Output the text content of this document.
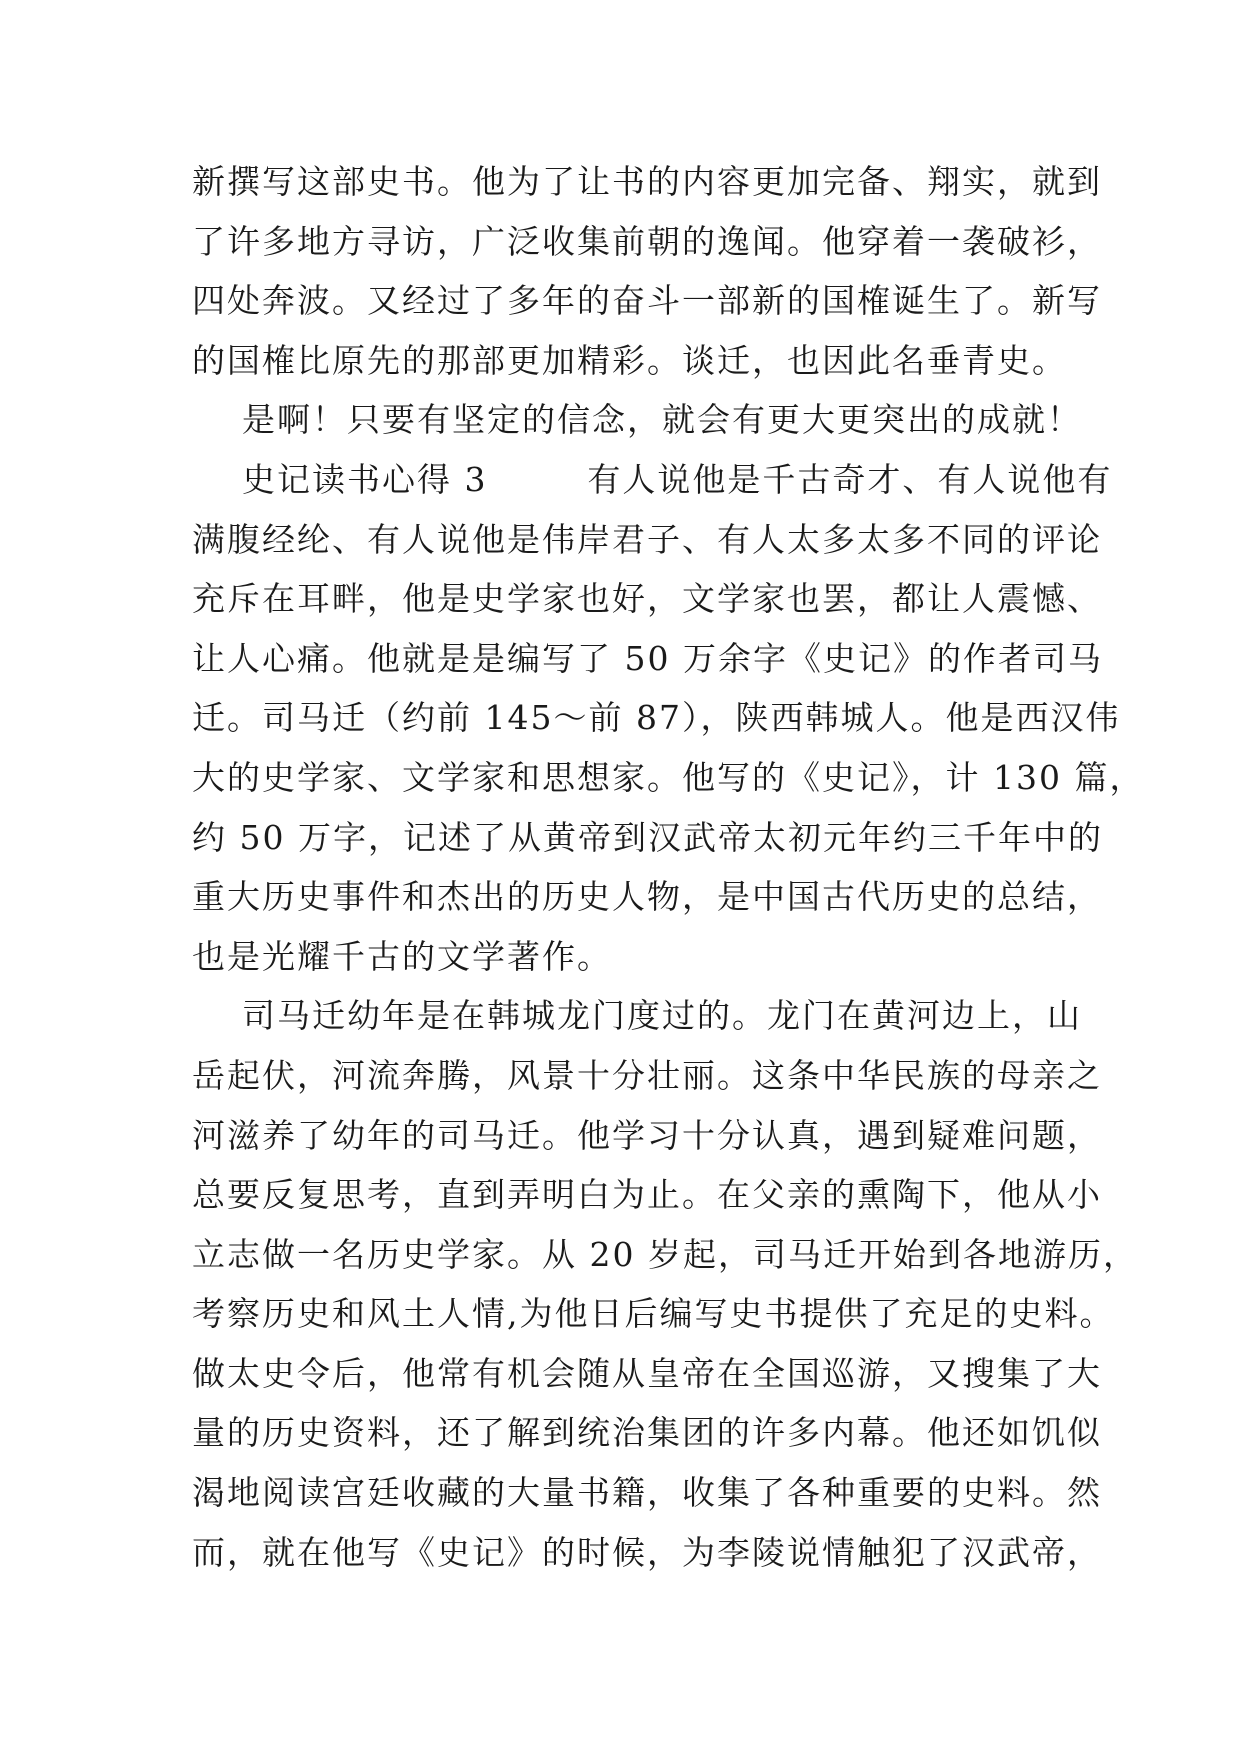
新撰写这部史书。他为了让书的内容更加完备、翔实，就到
了许多地方寻访，广泛收集前朝的逸闻。他穿着一袭破衫，
四处奔波。又经过了多年的奋斗一部新的国榷诞生了。新写
的国榷比原先的那部更加精彩。谈迁，也因此名垂青史。
是啊！只要有坚定的信念，就会有更大更突出的成就！
史记读书心得 3        有人说他是千古奇才、有人说他有
满腹经纶、有人说他是伟岸君子、有人太多太多不同的评论
充斥在耳畔，他是史学家也好，文学家也罢，都让人震憾、
让人心痛。他就是是编写了 50 万余字《史记》的作者司马
迁。司马迁（约前 145～前 87），陕西韩城人。他是西汉伟
大的史学家、文学家和思想家。他写的《史记》，计 130 篇，
约 50 万字，记述了从黄帝到汉武帝太初元年约三千年中的
重大历史事件和杰出的历史人物，是中国古代历史的总结，
也是光耀千古的文学著作。
司马迁幼年是在韩城龙门度过的。龙门在黄河边上，山
岳起伏，河流奔腾，风景十分壮丽。这条中华民族的母亲之
河滋养了幼年的司马迁。他学习十分认真，遇到疑难问题，
总要反复思考，直到弄明白为止。在父亲的熏陶下，他从小
立志做一名历史学家。从 20 岁起，司马迁开始到各地游历，
考察历史和风土人情,为他日后编写史书提供了充足的史料。
做太史令后，他常有机会随从皇帝在全国巡游，又搜集了大
量的历史资料，还了解到统治集团的许多内幕。他还如饥似
渴地阅读宫廷收藏的大量书籍，收集了各种重要的史料。然
而，就在他写《史记》的时候，为李陵说情触犯了汉武帝，
